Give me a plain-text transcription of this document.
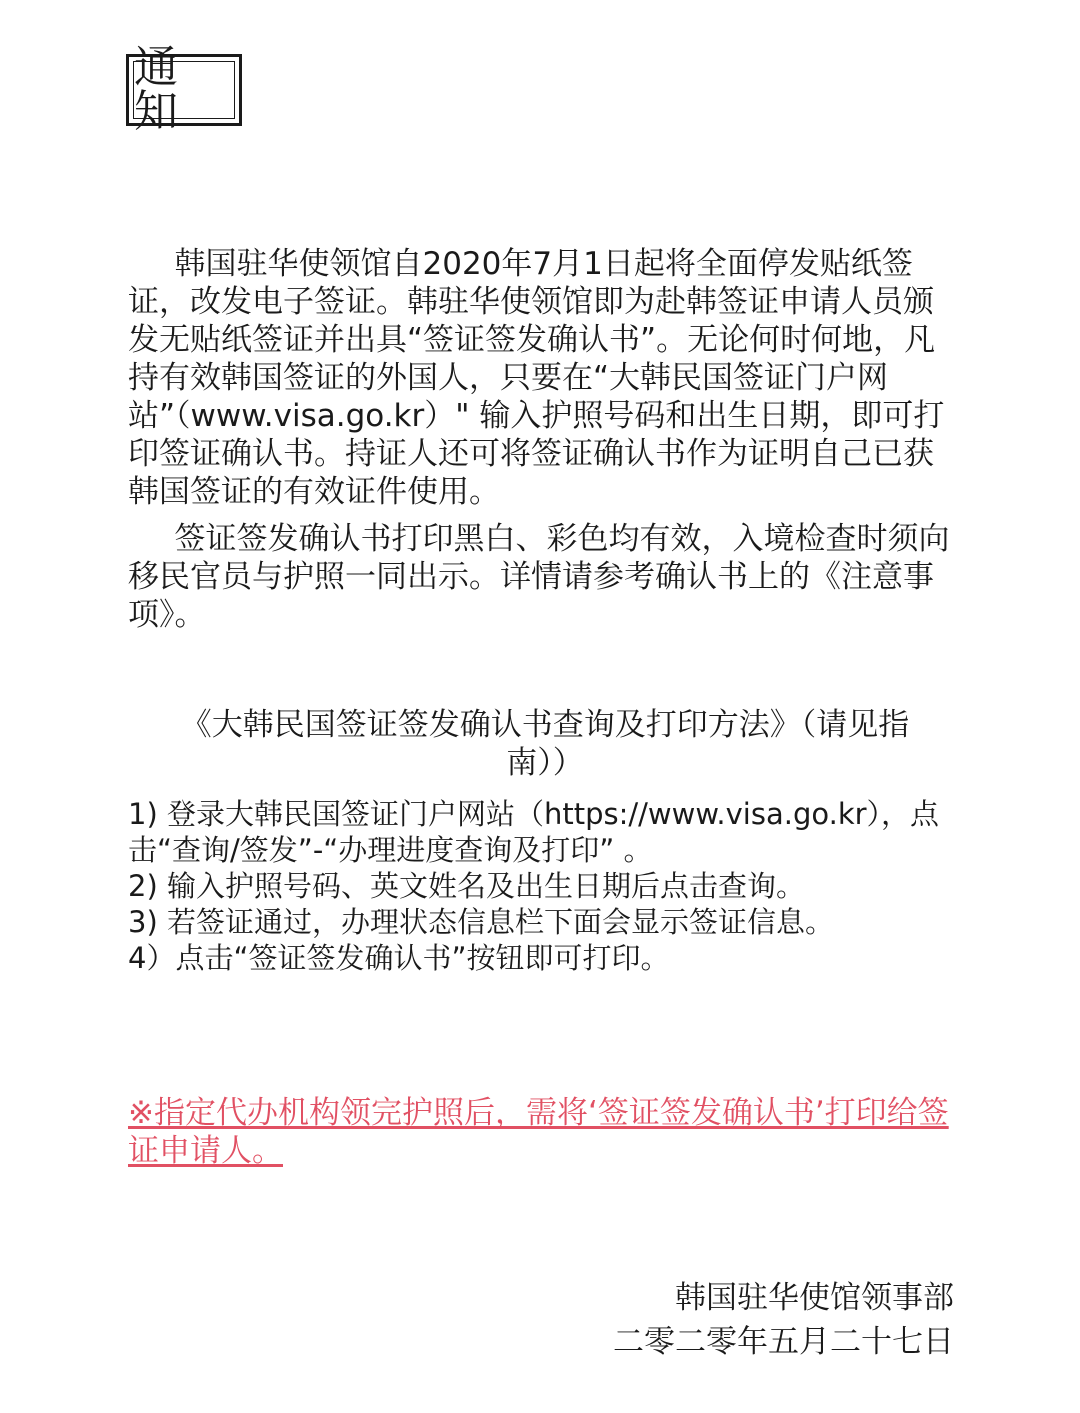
通 知

韩国驻华使领馆自2020年7月1日起将全面停发贴纸签证，改发电子签证。韩驻华使领馆即为赴韩签证申请人员颁发无贴纸签证并出具“签证签发确认书”。无论何时何地，凡持有效韩国签证的外国人，只要在“大韩民国签证门户网站”（www.visa.go.kr）" 输入护照号码和出生日期，即可打印签证确认书。持证人还可将签证确认书作为证明自己已获韩国签证的有效证件使用。

签证签发确认书打印黑白、彩色均有效，入境检查时须向移民官员与护照一同出示。详情请参考确认书上的《注意事项》。

《大韩民国签证签发确认书查询及打印方法》（请见指南））
1) 登录大韩民国签证门户网站（https://www.visa.go.kr），点击“查询/签发”-“办理进度查询及打印” 。
2) 输入护照号码、英文姓名及出生日期后点击查询。
3) 若签证通过，办理状态信息栏下面会显示签证信息。
4）点击“签证签发确认书”按钮即可打印。
※指定代办机构领完护照后，需将‘签证签发确认书’打印给签证申请人。
韩国驻华使馆领事部
二零二零年五月二十七日
